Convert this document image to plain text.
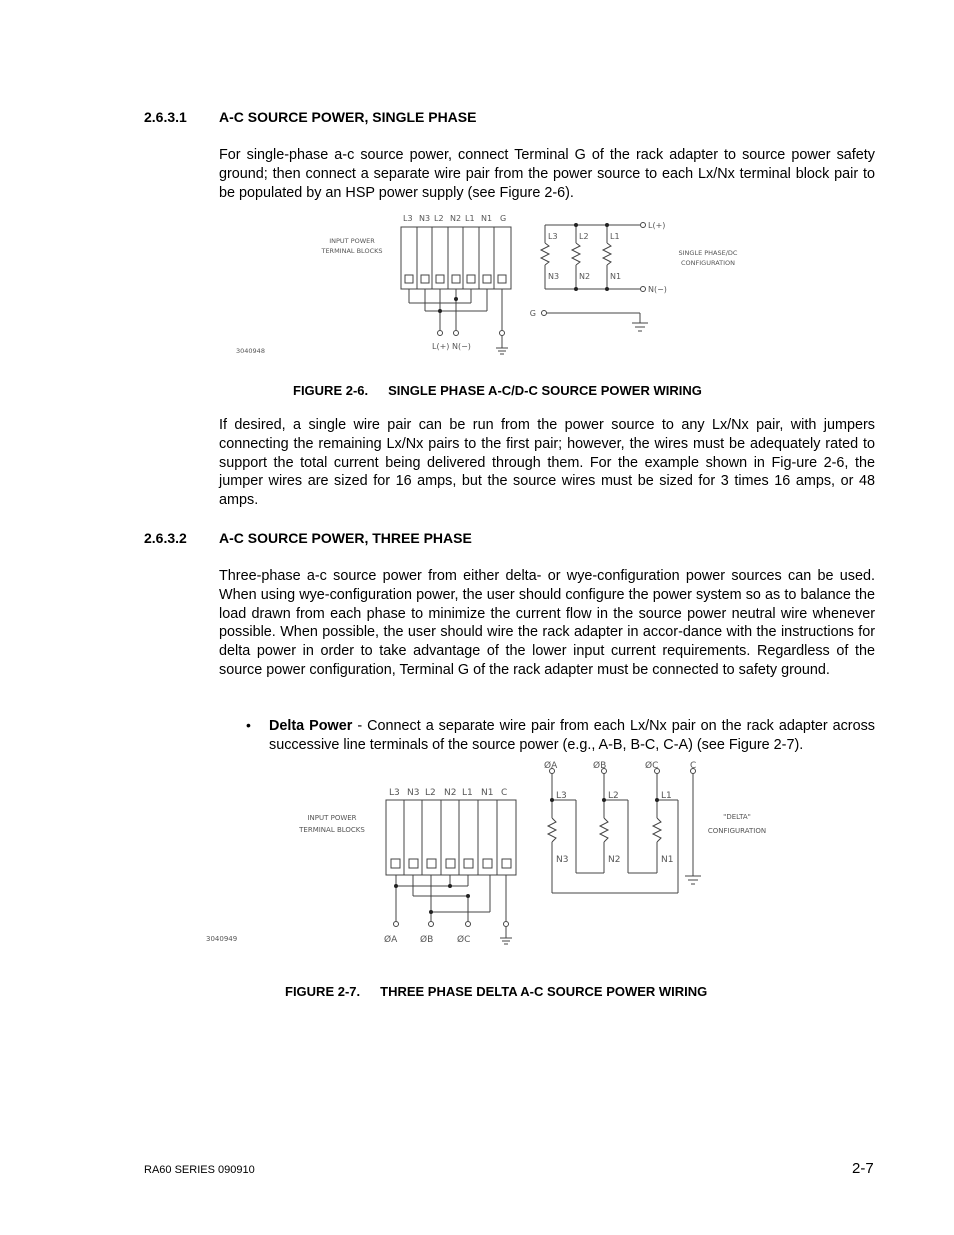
2.6.3.1 A-C SOURCE POWER, SINGLE PHASE

For single-phase a-c source power, connect Terminal G of the rack adapter to source power safety ground; then connect a separate wire pair from the power source to each Lx/Nx terminal block pair to be populated by an HSP power supply (see Figure 2-6).

L3 N3 L2 N2 L1 N1 G
L3	L2	L1
N3 N2 N1
L(+)
N(−)
G
L(+) N(−)
INPUT POWER
TERMINAL BLOCKS	SINGLE PHASE/DC
CONFIGURATION
3040948
FIGURE 2-6. SINGLE PHASE A-C/D-C SOURCE POWER WIRING

If desired, a single wire pair can be run from the power source to any Lx/Nx pair, with jumpers connecting the remaining Lx/Nx pairs to the first pair; however, the wires must be adequately rated to support the total current being delivered through them. For the example shown in Fig-ure 2-6, the jumper wires are sized for 16 amps, but the source wires must be sized for 3 times 16 amps, or 48 amps.

2.6.3.2 A-C SOURCE POWER, THREE PHASE

Three-phase a-c source power from either delta- or wye-configuration power sources can be used. When using wye-configuration power, the user should configure the power system so as to balance the load drawn from each phase to minimize the current flow in the source power neutral wire whenever possible. When possible, the user should wire the rack adapter in accor-dance with the instructions for delta power in order to take advantage of the lower input current requirements. Regardless of the source power configuration, Terminal G of the rack adapter must be connected to safety ground.

• Delta Power - Connect a separate wire pair from each Lx/Nx pair on the rack adapter across successive line terminals of the source power (e.g., A-B, B-C, C-A) (see Figure 2-7).

L3 N3 L2 N2 L1 N1 C
ØA	ØB	ØC	C
L3	L2	L1
N3	N2	N1
ØA	ØB	ØC
INPUT POWER
TERMINAL BLOCKS
"DELTA"
CONFIGURATION
3040949
FIGURE 2-7. THREE PHASE DELTA A-C SOURCE POWER WIRING
RA60 SERIES 090910	2-7
